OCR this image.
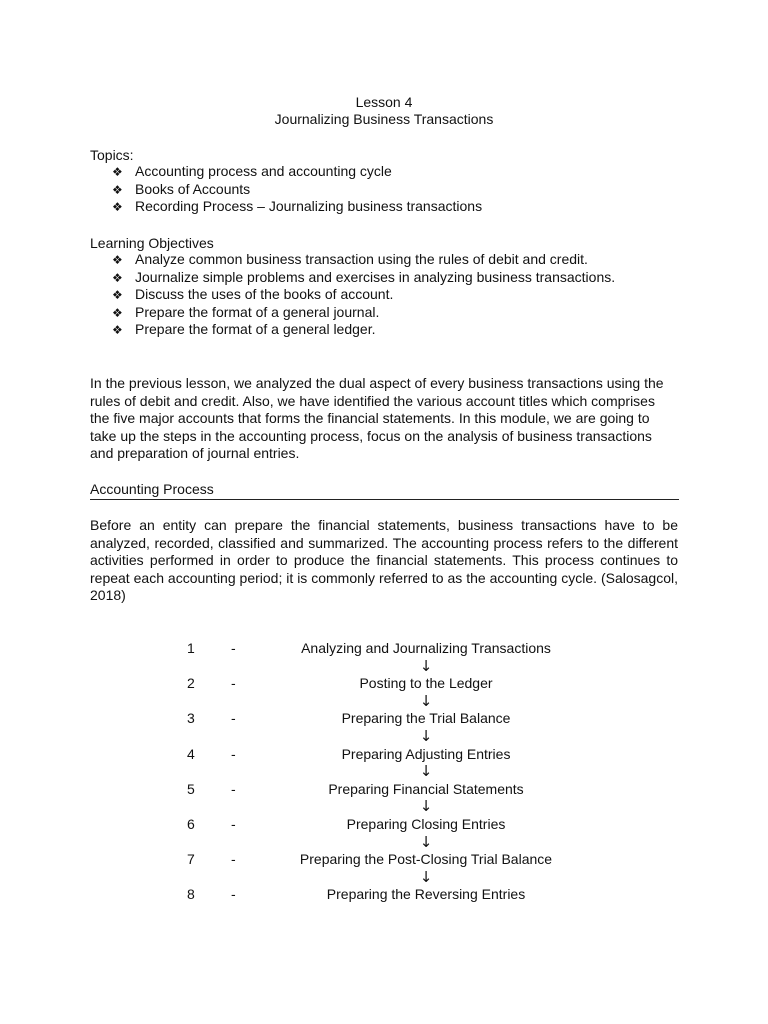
Lesson 4
Journalizing Business Transactions
Topics:
❖ Accounting process and accounting cycle
❖ Books of Accounts
❖ Recording Process – Journalizing business transactions
Learning Objectives
❖ Analyze common business transaction using the rules of debit and credit.
❖ Journalize simple problems and exercises in analyzing business transactions.
❖ Discuss the uses of the books of account.
❖ Prepare the format of a general journal.
❖ Prepare the format of a general ledger.

In the previous lesson, we analyzed the dual aspect of every business transactions using the rules of debit and credit. Also, we have identified the various account titles which comprises the five major accounts that forms the financial statements. In this module, we are going to take up the steps in the accounting process, focus on the analysis of business transactions and preparation of journal entries.

Accounting Process

Before an entity can prepare the financial statements, business transactions have to be analyzed, recorded, classified and summarized. The accounting process refers to the different activities performed in order to produce the financial statements. This process continues to repeat each accounting period; it is commonly referred to as the accounting cycle. (Salosagcol, 2018)

1	-	Analyzing and Journalizing Transactions
↓
2	-	Posting to the Ledger
↓
3	-	Preparing the Trial Balance
↓
4	-	Preparing Adjusting Entries
↓
5	-	Preparing Financial Statements
↓
6	-	Preparing Closing Entries
↓
7	-	Preparing the Post-Closing Trial Balance
↓
8	-	Preparing the Reversing Entries
